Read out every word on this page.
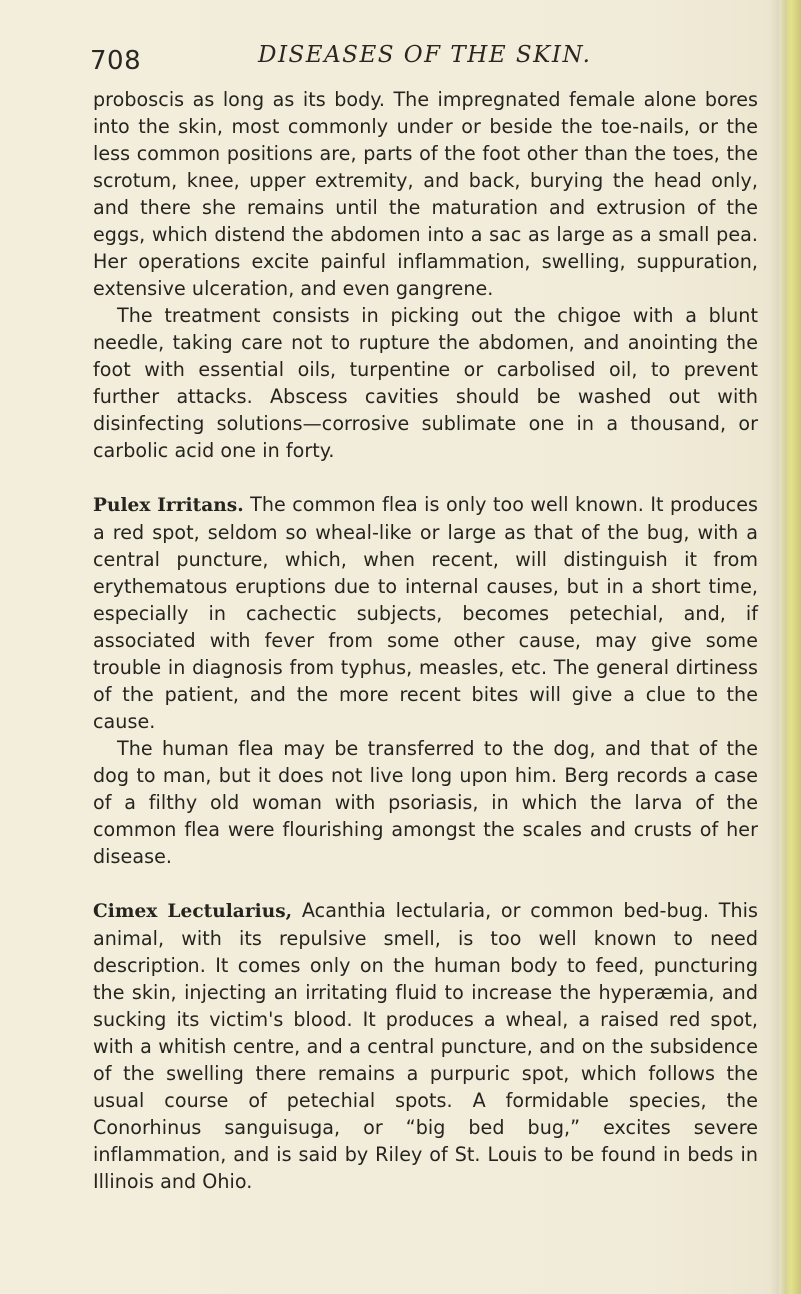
708	DISEASES OF THE SKIN.

proboscis as long as its body. The impregnated female alone bores into the skin, most commonly under or beside the toe-nails, or the less common positions are, parts of the foot other than the toes, the scrotum, knee, upper extremity, and back, burying the head only, and there she remains until the maturation and extrusion of the eggs, which distend the abdomen into a sac as large as a small pea. Her operations excite painful inflammation, swelling, suppuration, extensive ulceration, and even gangrene.

The treatment consists in picking out the chigoe with a blunt needle, taking care not to rupture the abdomen, and anointing the foot with essential oils, turpentine or carbolised oil, to prevent further attacks. Abscess cavities should be washed out with disinfecting solutions—corrosive sublimate one in a thousand, or carbolic acid one in forty.

Pulex Irritans. The common flea is only too well known. It produces a red spot, seldom so wheal-like or large as that of the bug, with a central puncture, which, when recent, will distinguish it from erythematous eruptions due to internal causes, but in a short time, especially in cachectic subjects, becomes petechial, and, if associated with fever from some other cause, may give some trouble in diagnosis from typhus, measles, etc. The general dirtiness of the patient, and the more recent bites will give a clue to the cause.

The human flea may be transferred to the dog, and that of the dog to man, but it does not live long upon him. Berg records a case of a filthy old woman with psoriasis, in which the larva of the common flea were flourishing amongst the scales and crusts of her disease.

Cimex Lectularius, Acanthia lectularia, or common bed-bug. This animal, with its repulsive smell, is too well known to need description. It comes only on the human body to feed, puncturing the skin, injecting an irritating fluid to increase the hyperæmia, and sucking its victim's blood. It produces a wheal, a raised red spot, with a whitish centre, and a central puncture, and on the subsidence of the swelling there remains a purpuric spot, which follows the usual course of petechial spots. A formidable species, the Conorhinus sanguisuga, or “big bed bug,” excites severe inflammation, and is said by Riley of St. Louis to be found in beds in Illinois and Ohio.
